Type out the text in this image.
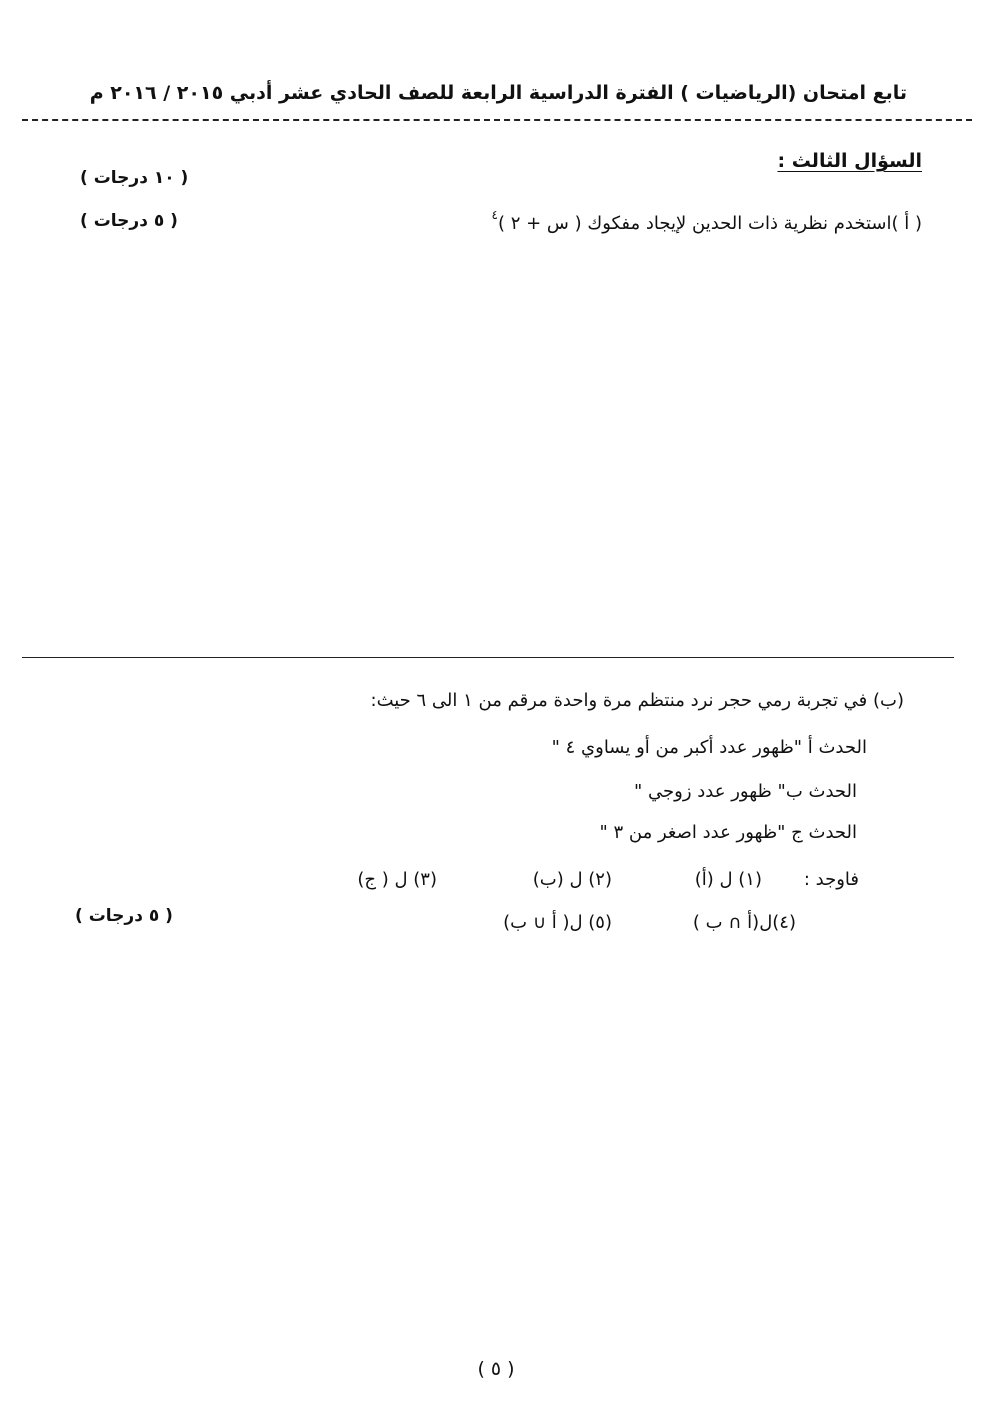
تابع امتحان (الرياضيات ) الفترة الدراسية الرابعة للصف الحادي عشر أدبي ٢٠١٥ / ٢٠١٦ م
السؤال الثالث :
( ١٠ درجات )
( أ )استخدم نظرية ذات الحدين لإيجاد مفكوك ( س + ٢ )$^٤$
( ٥ درجات )
(ب) في تجربة رمي حجر نرد منتظم مرة واحدة مرقم من ١ الى ٦ حيث:
الحدث أ "ظهور عدد أكبر من أو يساوي ٤ "
الحدث ب" ظهور عدد زوجي "
الحدث ج "ظهور عدد اصغر من ٣ "
فاوجد :
(١) ل (أ)
(٢) ل (ب)
(٣) ل ( ج)
(٤)ل(أ ∩ ب )
(٥) ل( أ ∪ ب)
( ٥ درجات )
( ٥ )
